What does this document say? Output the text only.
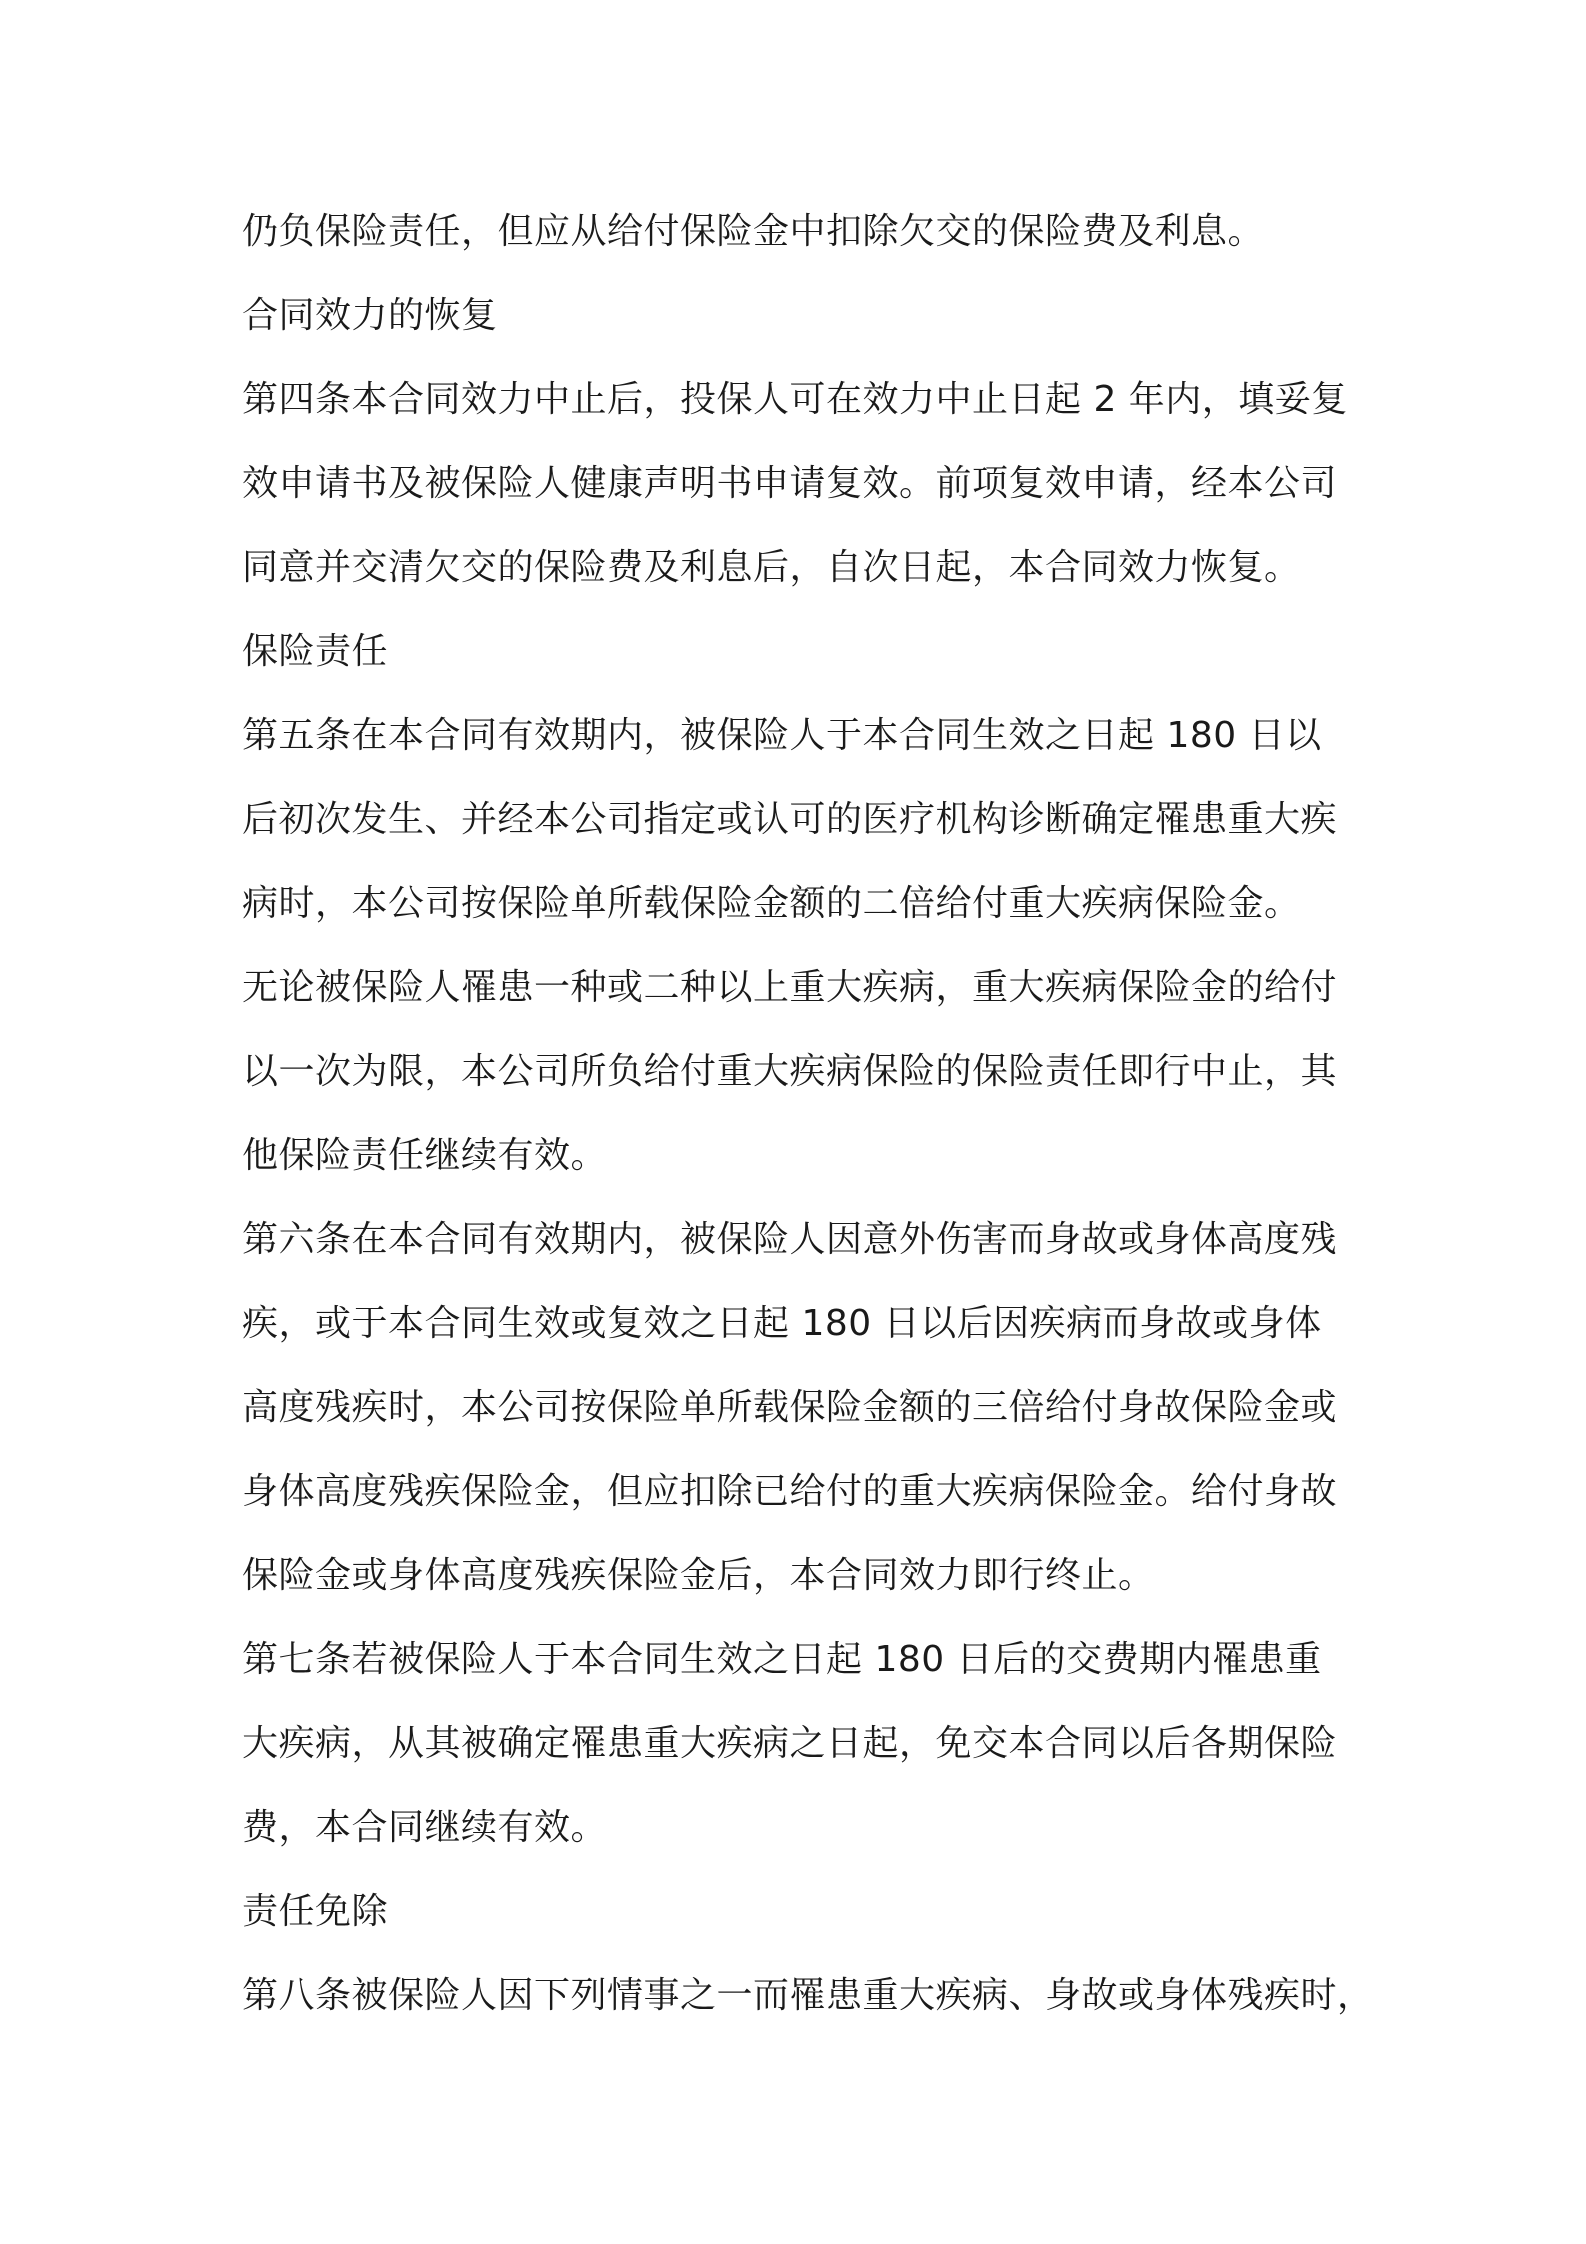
仍负保险责任，但应从给付保险金中扣除欠交的保险费及利息。
合同效力的恢复
第四条本合同效力中止后，投保人可在效力中止日起 2 年内，填妥复
效申请书及被保险人健康声明书申请复效。前项复效申请，经本公司
同意并交清欠交的保险费及利息后，自次日起，本合同效力恢复。
保险责任
第五条在本合同有效期内，被保险人于本合同生效之日起 180 日以
后初次发生、并经本公司指定或认可的医疗机构诊断确定罹患重大疾
病时，本公司按保险单所载保险金额的二倍给付重大疾病保险金。
无论被保险人罹患一种或二种以上重大疾病，重大疾病保险金的给付
以一次为限，本公司所负给付重大疾病保险的保险责任即行中止，其
他保险责任继续有效。
第六条在本合同有效期内，被保险人因意外伤害而身故或身体高度残
疾，或于本合同生效或复效之日起 180 日以后因疾病而身故或身体
高度残疾时，本公司按保险单所载保险金额的三倍给付身故保险金或
身体高度残疾保险金，但应扣除已给付的重大疾病保险金。给付身故
保险金或身体高度残疾保险金后，本合同效力即行终止。
第七条若被保险人于本合同生效之日起 180 日后的交费期内罹患重
大疾病，从其被确定罹患重大疾病之日起，免交本合同以后各期保险
费，本合同继续有效。
责任免除
第八条被保险人因下列情事之一而罹患重大疾病、身故或身体残疾时，
